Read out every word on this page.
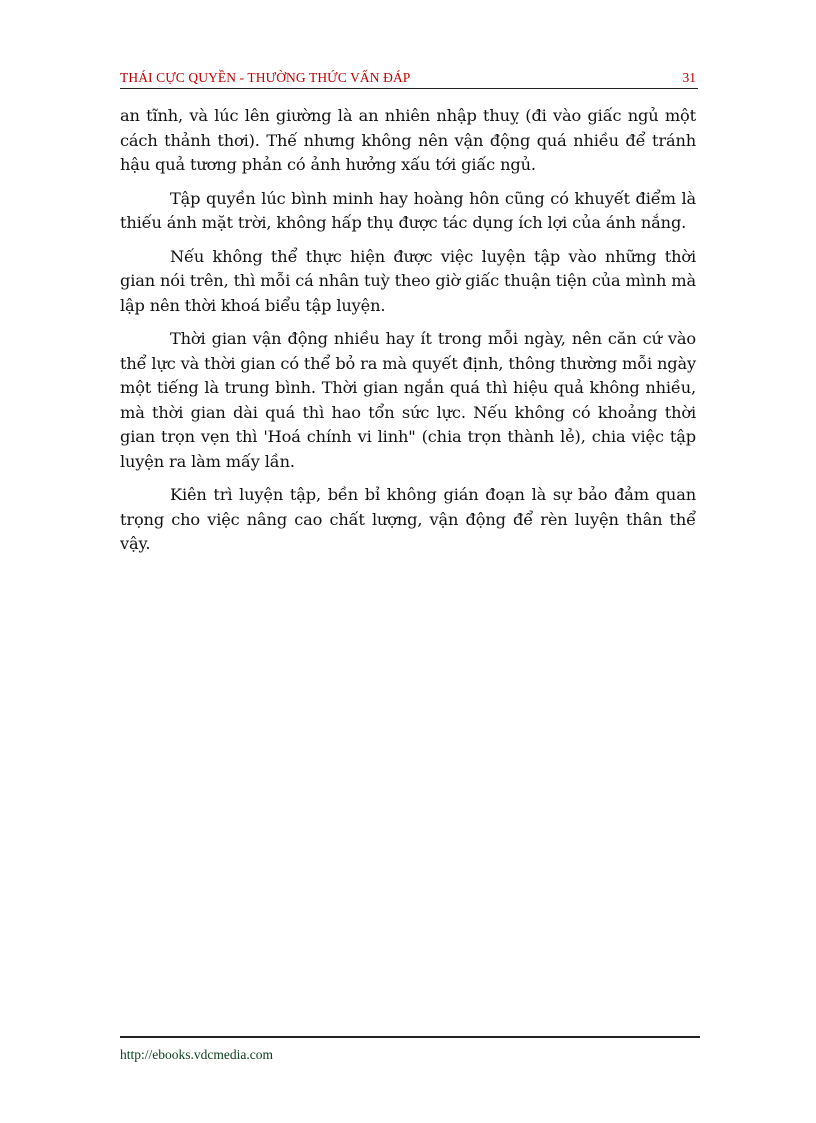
THÁI CỰC QUYỀN - THƯỜNG THỨC VẤN ĐÁP	31

an tĩnh, và lúc lên giường là an nhiên nhập thuỵ (đi vào giấc ngủ một cách thảnh thơi). Thế nhưng không nên vận động quá nhiều để tránh hậu quả tương phản có ảnh hưởng xấu tới giấc ngủ.

Tập quyền lúc bình minh hay hoàng hôn cũng có khuyết điểm là thiếu ánh mặt trời, không hấp thụ được tác dụng ích lợi của ánh nắng.

Nếu không thể thực hiện được việc luyện tập vào những thời gian nói trên, thì mỗi cá nhân tuỳ theo giờ giấc thuận tiện của mình mà lập nên thời khoá biểu tập luyện.

Thời gian vận động nhiều hay ít trong mỗi ngày, nên căn cứ vào thể lực và thời gian có thể bỏ ra mà quyết định, thông thường mỗi ngày một tiếng là trung bình. Thời gian ngắn quá thì hiệu quả không nhiều, mà thời gian dài quá thì hao tổn sức lực. Nếu không có khoảng thời gian trọn vẹn thì 'Hoá chính vi linh" (chia trọn thành lẻ), chia việc tập luyện ra làm mấy lần.

Kiên trì luyện tập, bền bỉ không gián đoạn là sự bảo đảm quan trọng cho việc nâng cao chất lượng, vận động để rèn luyện thân thể vậy.

http://ebooks.vdcmedia.com
